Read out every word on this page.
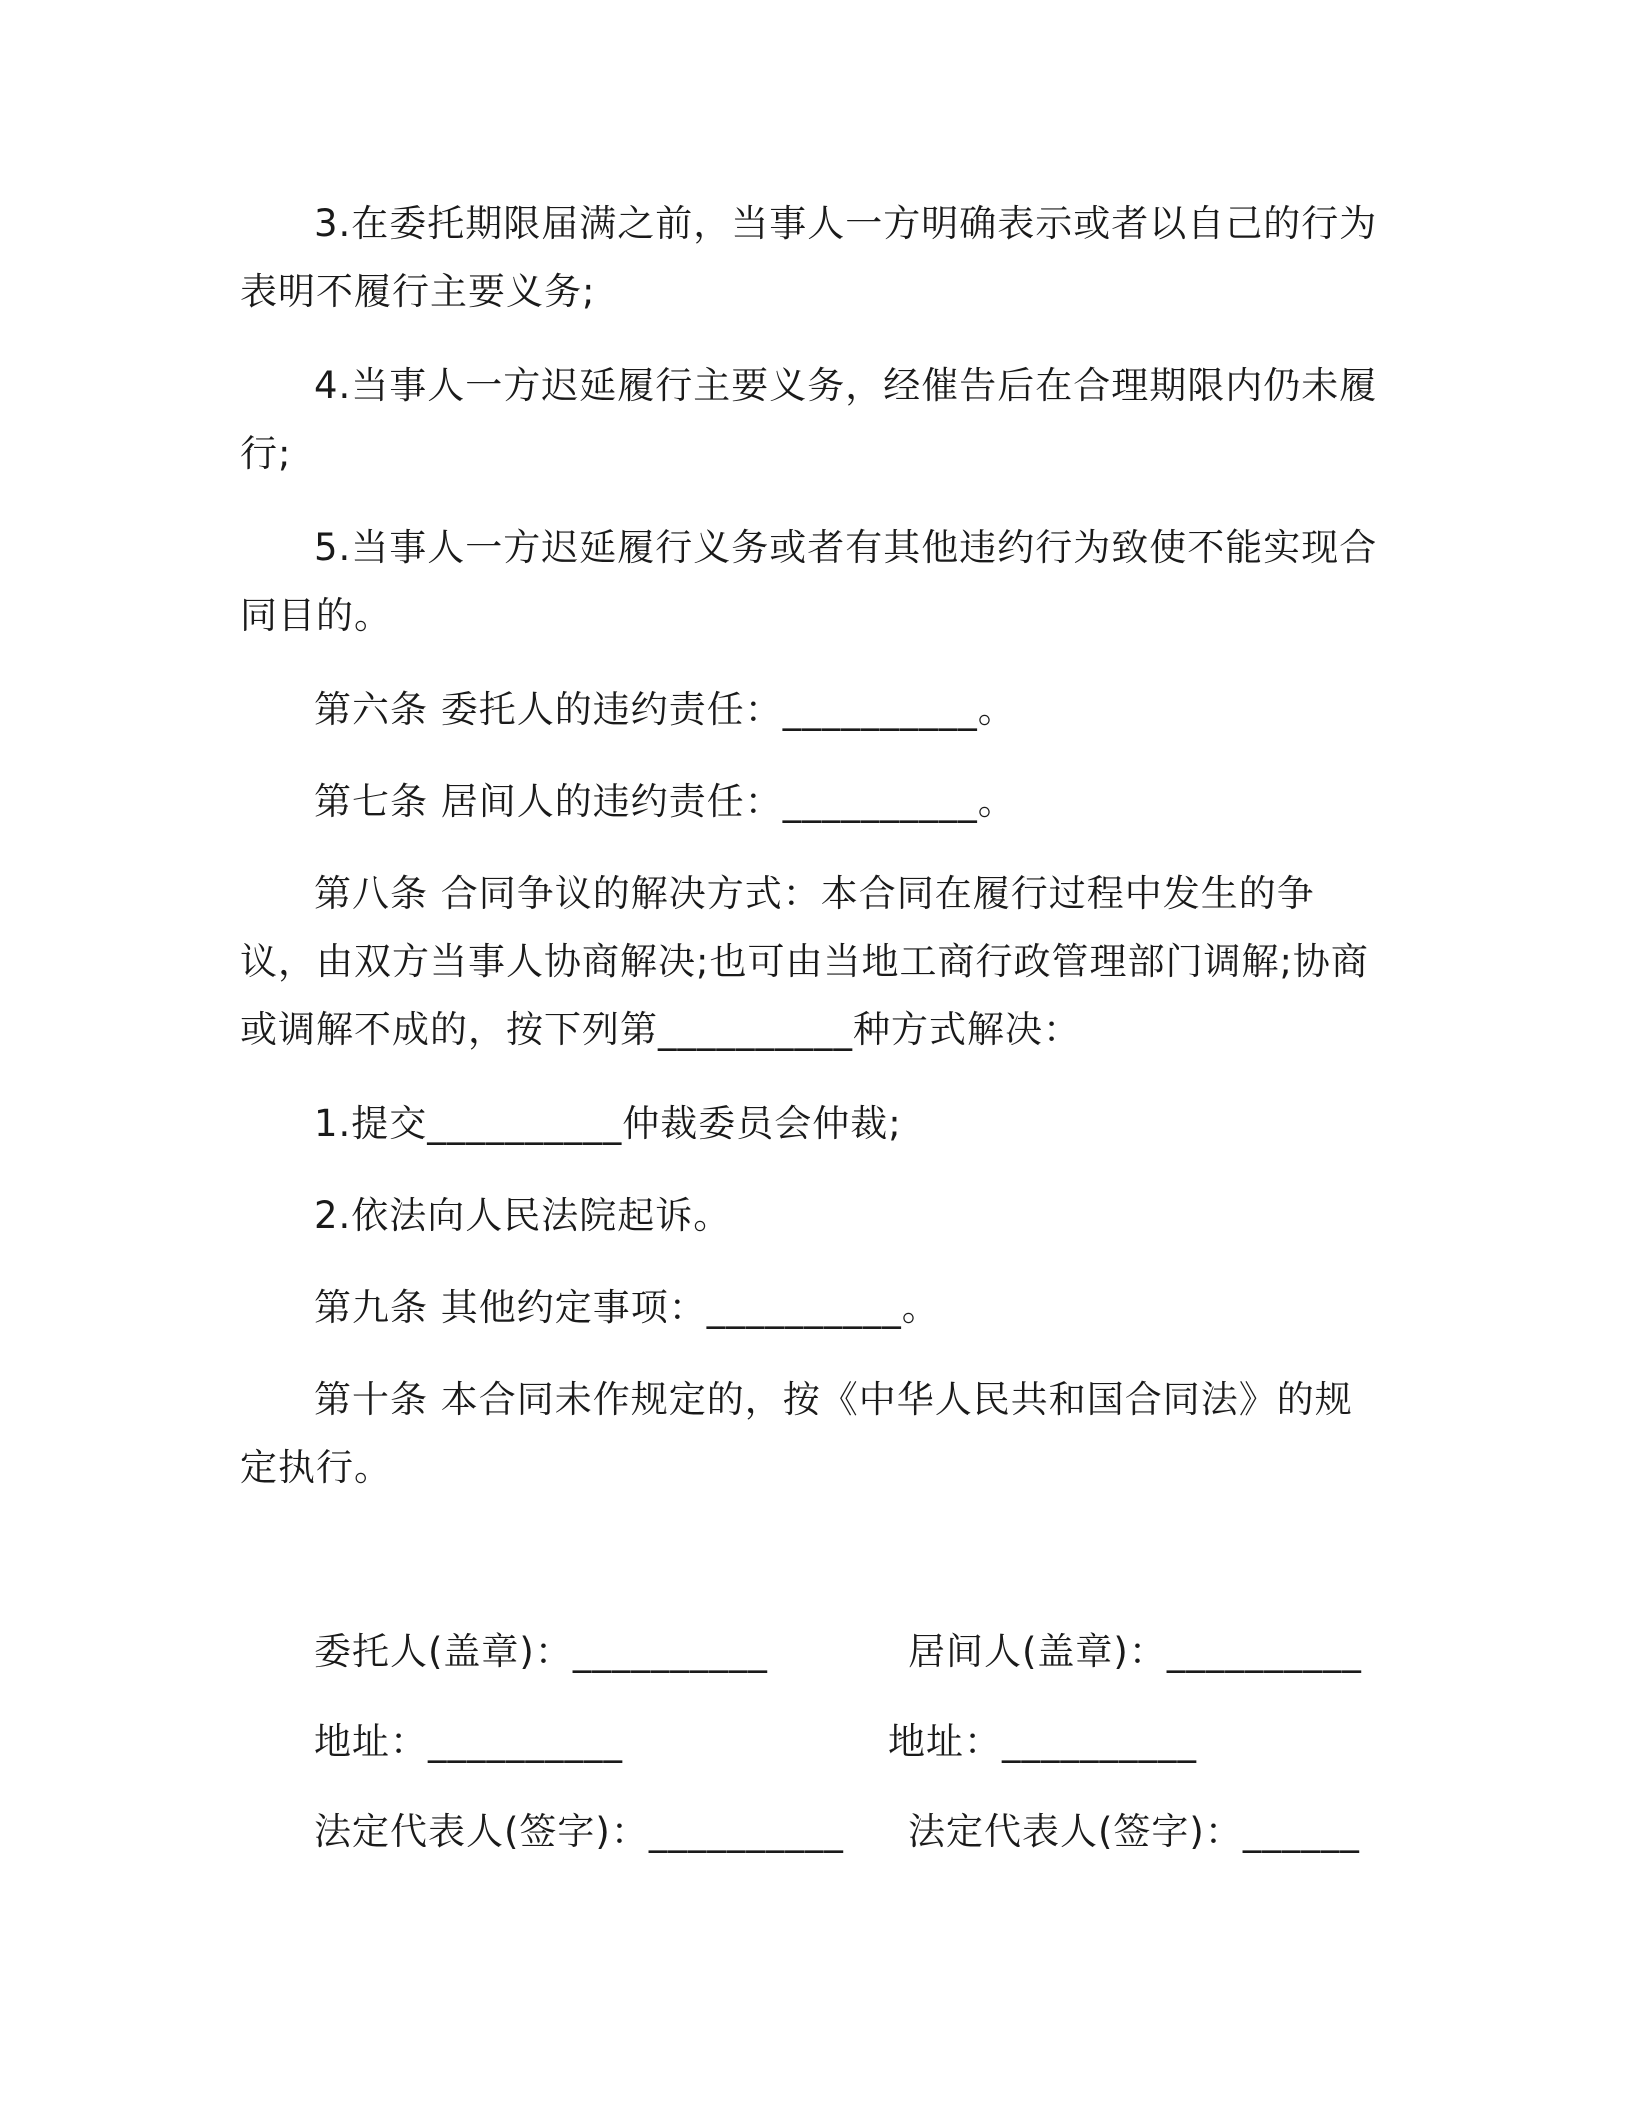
3.在委托期限届满之前，当事人一方明确表示或者以自己的行为表明不履行主要义务;

4.当事人一方迟延履行主要义务，经催告后在合理期限内仍未履行;

5.当事人一方迟延履行义务或者有其他违约行为致使不能实现合同目的。

第六条 委托人的违约责任：__________。

第七条 居间人的违约责任：__________。

第八条 合同争议的解决方式：本合同在履行过程中发生的争议，由双方当事人协商解决;也可由当地工商行政管理部门调解;协商或调解不成的，按下列第__________种方式解决：

1.提交__________仲裁委员会仲裁;

2.依法向人民法院起诉。

第九条 其他约定事项：__________。

第十条 本合同未作规定的，按《中华人民共和国合同法》的规定执行。

委托人(盖章)：__________	居间人(盖章)：__________
地址：__________	地址：__________
法定代表人(签字)：__________ 法定代表人(签字)：______
